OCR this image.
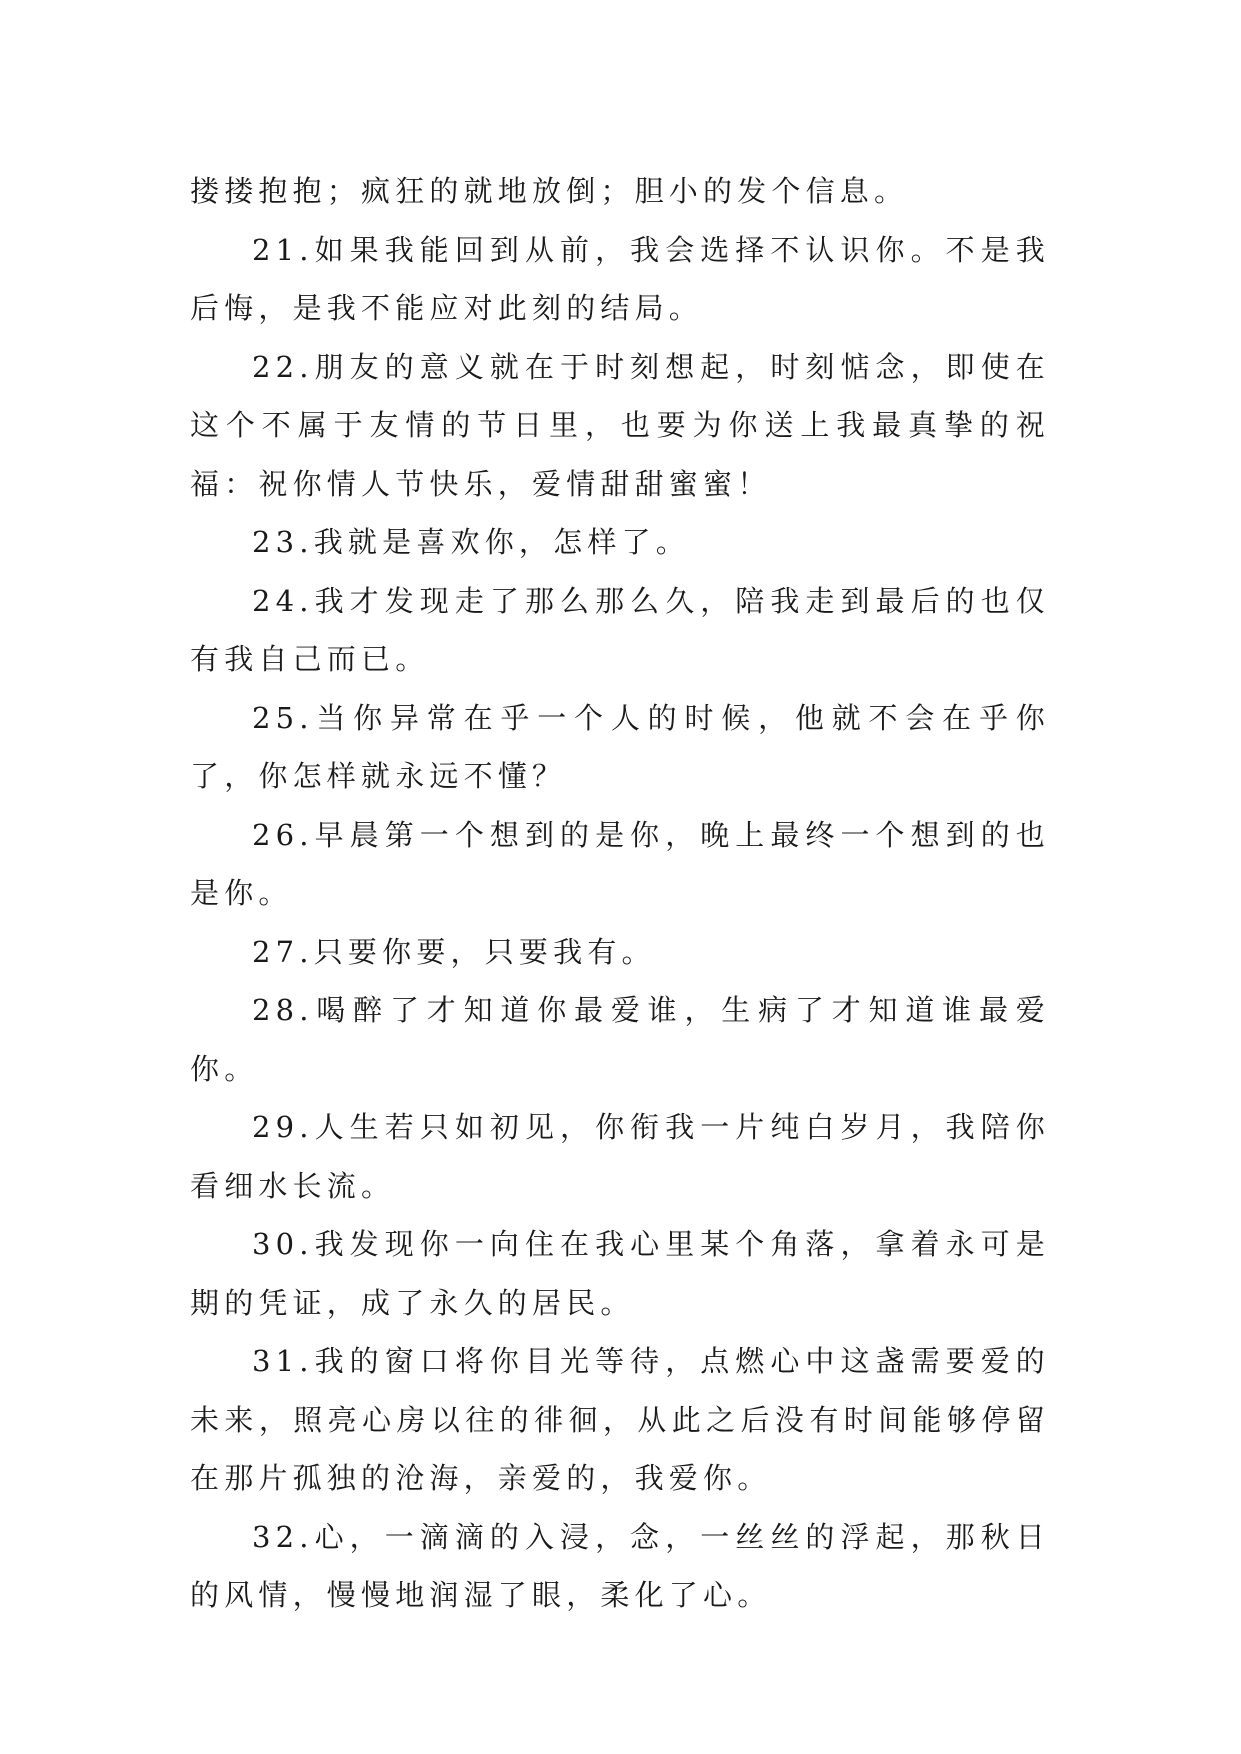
搂搂抱抱；疯狂的就地放倒；胆小的发个信息。

21.如果我能回到从前，我会选择不认识你。不是我后悔，是我不能应对此刻的结局。

22.朋友的意义就在于时刻想起，时刻惦念，即使在这个不属于友情的节日里，也要为你送上我最真挚的祝福：祝你情人节快乐，爱情甜甜蜜蜜！

23.我就是喜欢你，怎样了。

24.我才发现走了那么那么久，陪我走到最后的也仅有我自己而已。

25.当你异常在乎一个人的时候，他就不会在乎你了，你怎样就永远不懂？

26.早晨第一个想到的是你，晚上最终一个想到的也是你。

27.只要你要，只要我有。

28.喝醉了才知道你最爱谁，生病了才知道谁最爱你。

29.人生若只如初见，你衔我一片纯白岁月，我陪你看细水长流。

30.我发现你一向住在我心里某个角落，拿着永可是期的凭证，成了永久的居民。

31.我的窗口将你目光等待，点燃心中这盏需要爱的未来，照亮心房以往的徘徊，从此之后没有时间能够停留在那片孤独的沧海，亲爱的，我爱你。

32.心，一滴滴的入浸，念，一丝丝的浮起，那秋日的风情，慢慢地润湿了眼，柔化了心。
